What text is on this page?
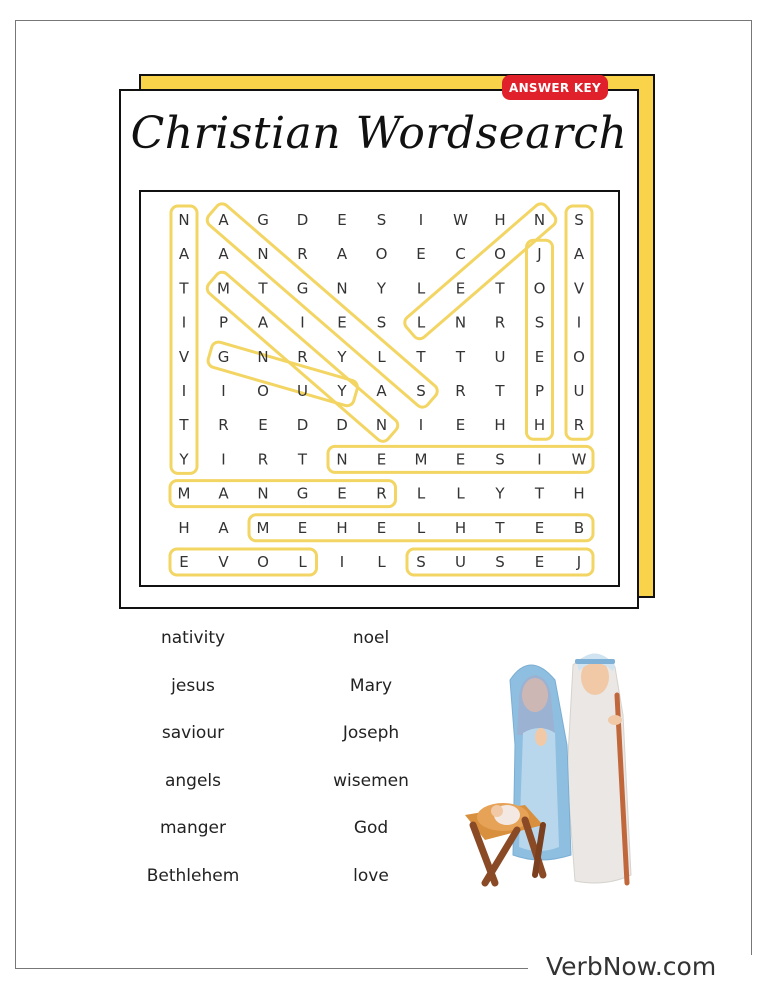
ANSWER KEY
Christian Wordsearch
N A G D E S I W H N S
A A N R A O E C O J A
T M T G N Y L E T O V
I P A I E S L N R S I
V G N R Y L T T U E O
I I O U Y A S R T P U
T R E D D N I E H H R
Y I R T N E M E S I W
M A N G E R L L Y T H
H A M E H E L H T E B
E V O L I L S U S E J
nativity
jesus
saviour
angels
manger
Bethlehem
noel
Mary
Joseph
wisemen
God
love
VerbNow.com
